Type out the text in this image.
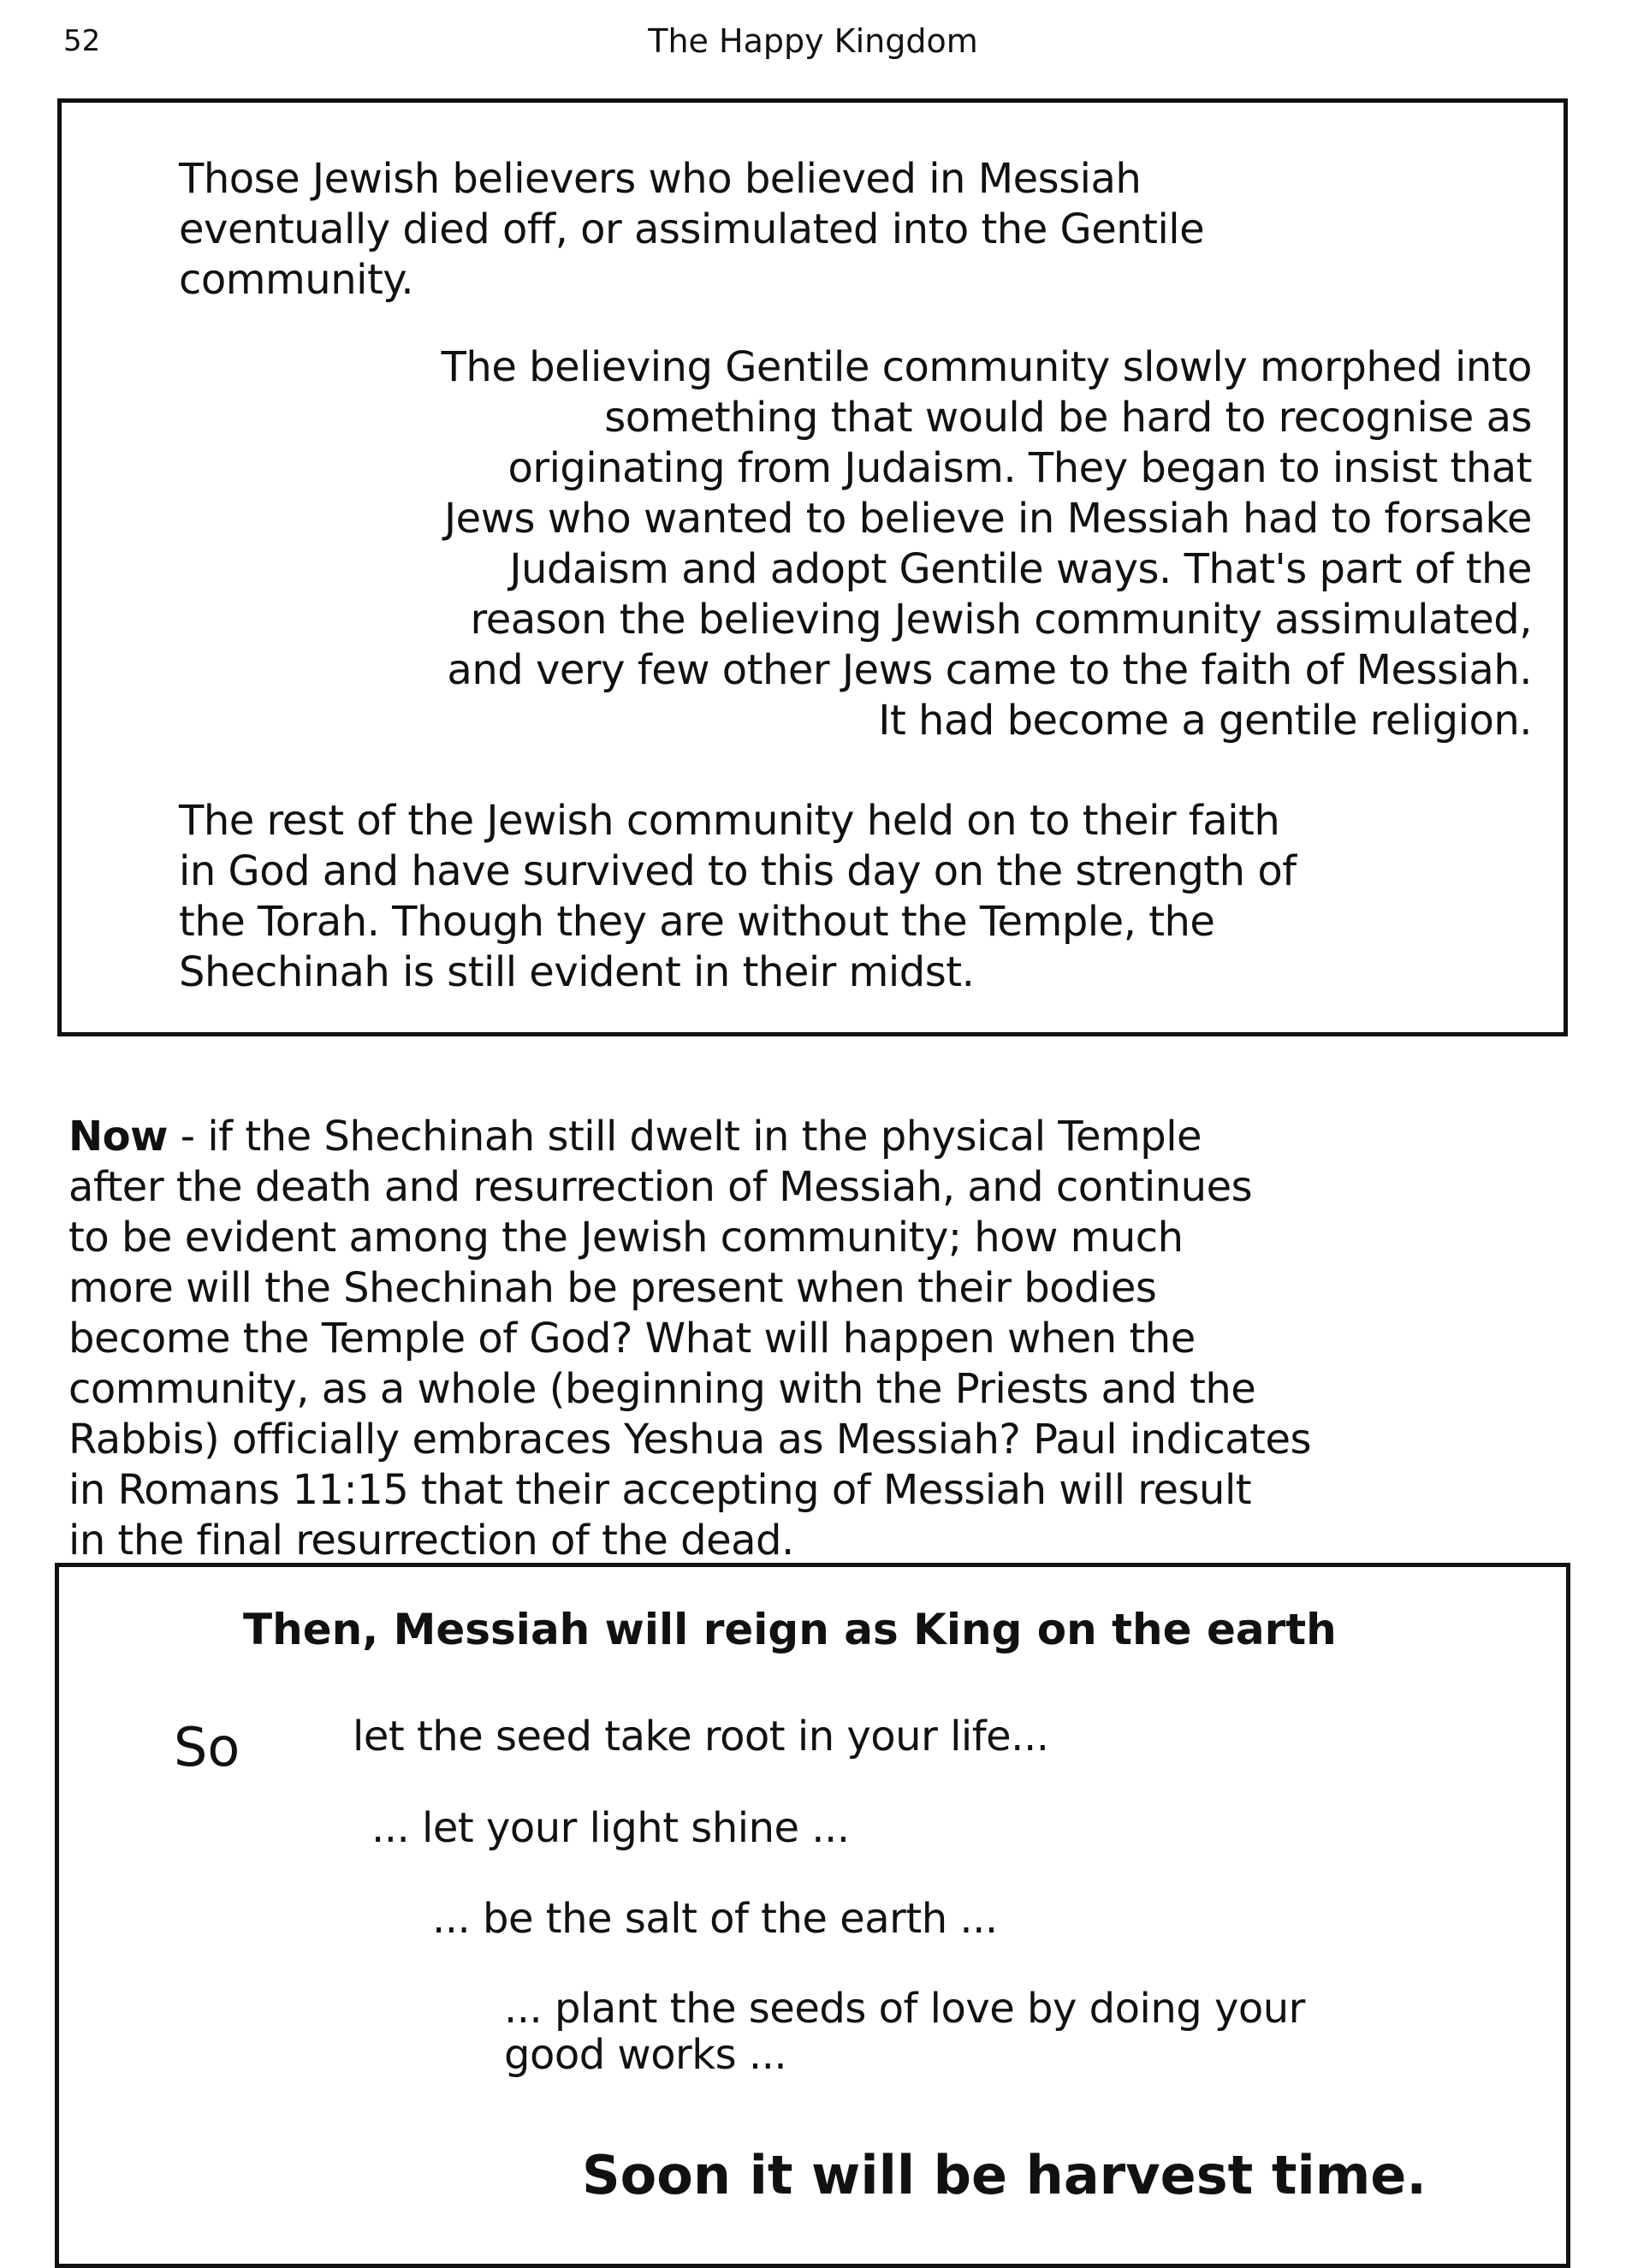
52	The Happy Kingdom
Those Jewish believers who believed in Messiah
eventually died off, or assimulated into the Gentile
community.
The believing Gentile community slowly morphed into
something that would be hard to recognise as
originating from Judaism. They began to insist that
Jews who wanted to believe in Messiah had to forsake
Judaism and adopt Gentile ways. That's part of the
reason the believing Jewish community assimulated,
and very few other Jews came to the faith of Messiah.
It had become a gentile religion.
The rest of the Jewish community held on to their faith
in God and have survived to this day on the strength of
the Torah. Though they are without the Temple, the
Shechinah is still evident in their midst.

Now - if the Shechinah still dwelt in the physical Temple
after the death and resurrection of Messiah, and continues
to be evident among the Jewish community; how much
more will the Shechinah be present when their bodies
become the Temple of God? What will happen when the
community, as a whole (beginning with the Priests and the
Rabbis) officially embraces Yeshua as Messiah? Paul indicates
in Romans 11:15 that their accepting of Messiah will result
in the final resurrection of the dead.

Then, Messiah will reign as King on the earth
So	let the seed take root in your life...
... let your light shine ...
... be the salt of the earth ...
... plant the seeds of love by doing your
good works ...
Soon it will be harvest time.
